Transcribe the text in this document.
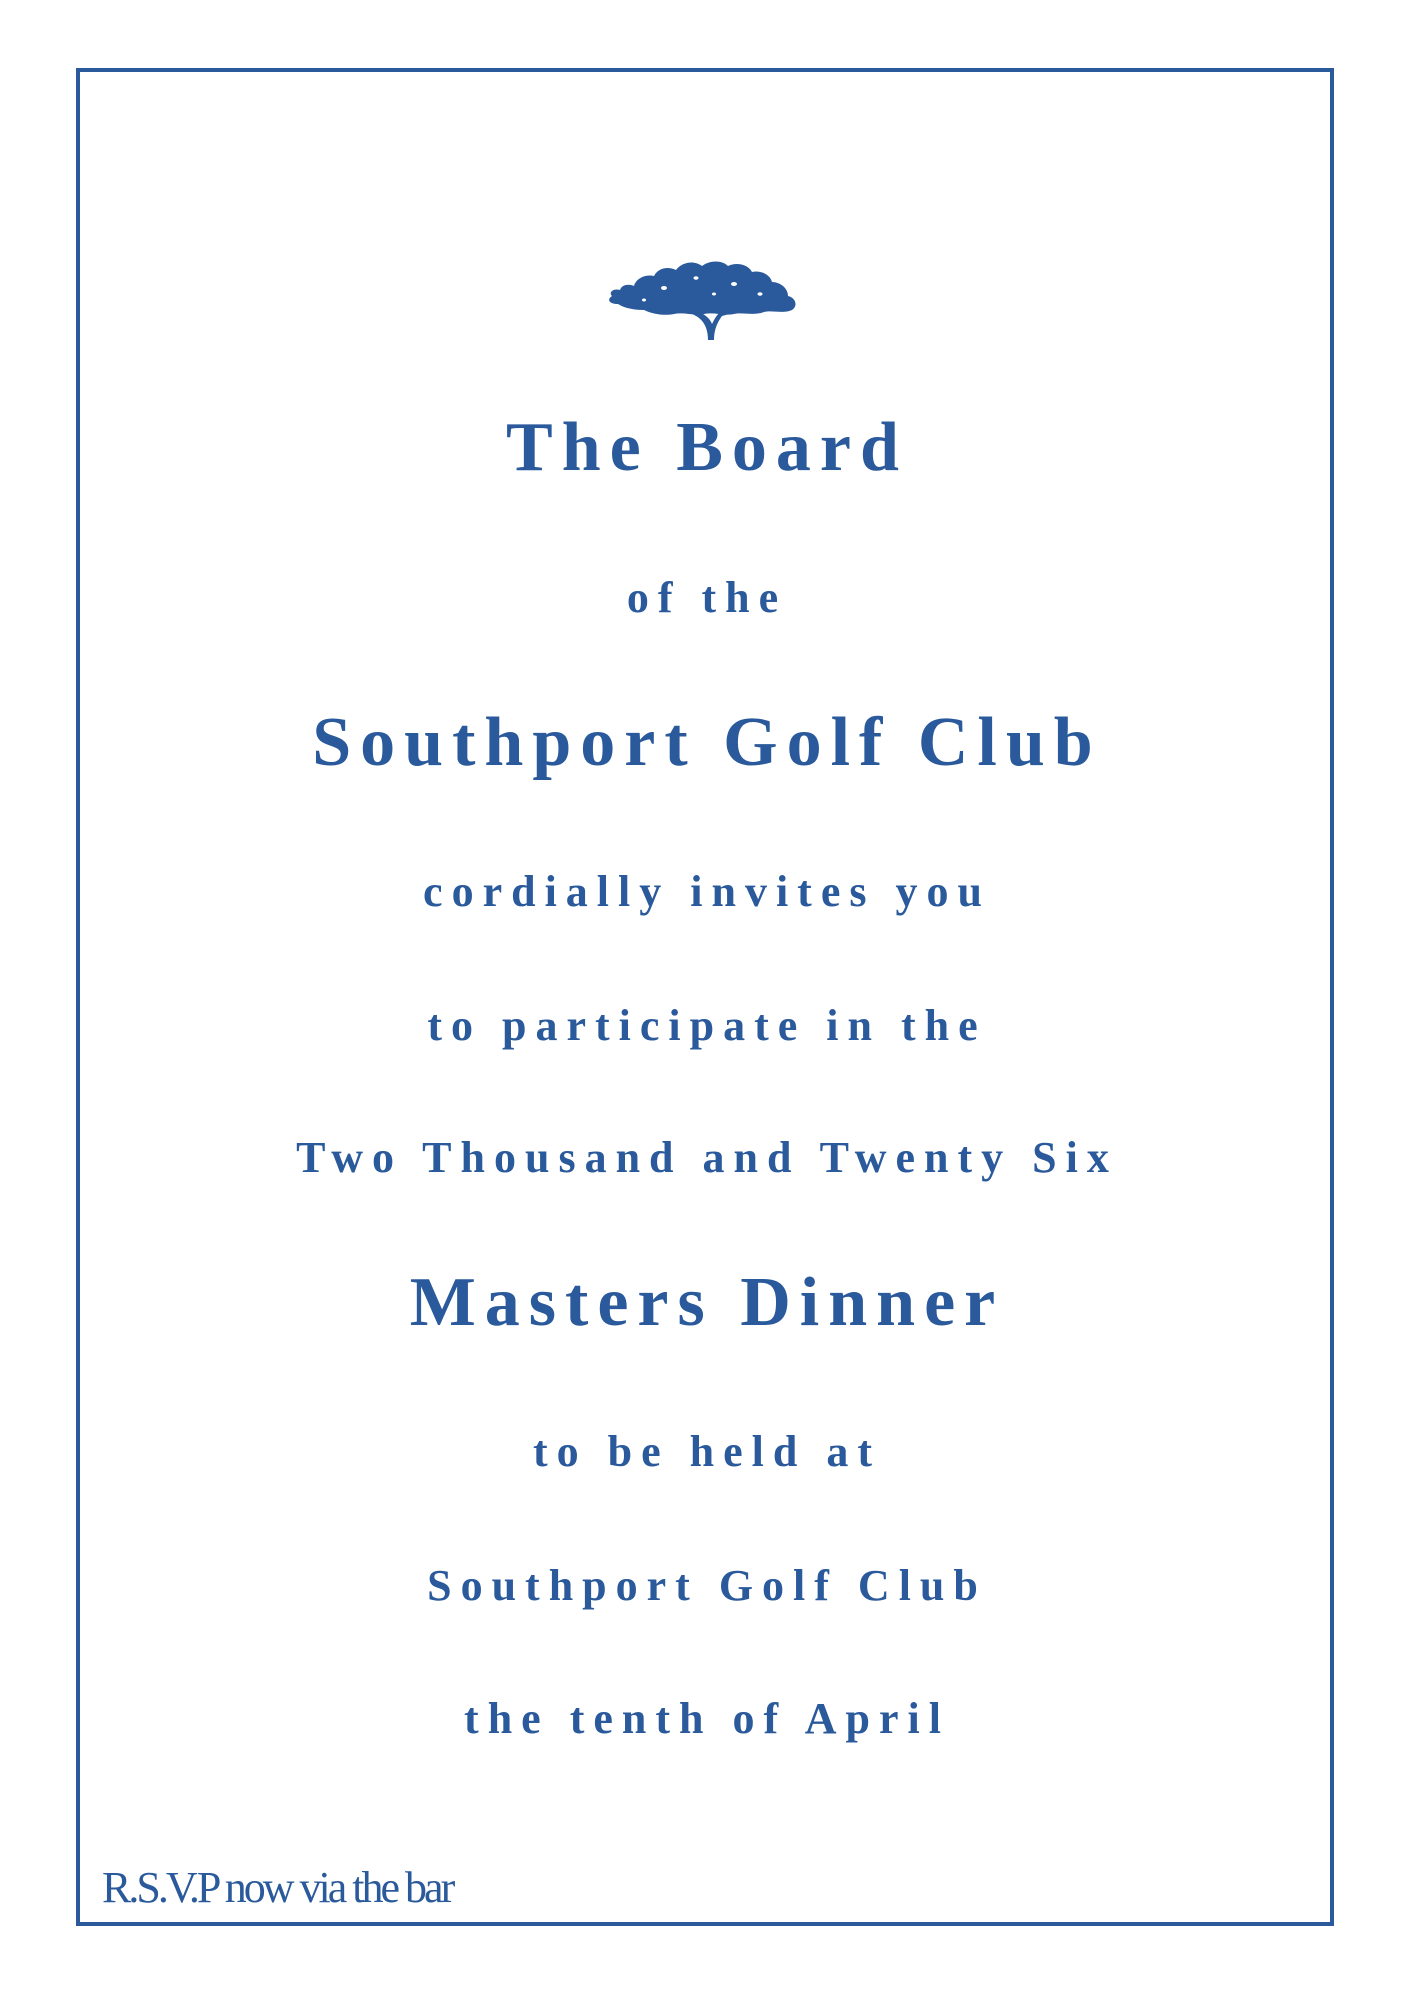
The Board
of the
Southport Golf Club
cordially invites you
to participate in the
Two Thousand and Twenty Six
Masters Dinner
to be held at
Southport Golf Club
the tenth of April
R.S.V.P now via the bar
